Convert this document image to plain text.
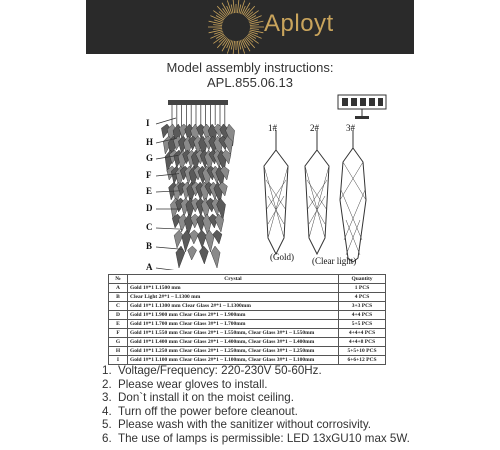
Aployt
Model assembly instructions:
APL.855.06.13
I
H
G
F
E
D
C
B
A
1#	2#	3#
(Gold) (Clear light)
№	Crystal	Quantity
A	Gold 1#*1 L1500 mm	1 PCS
B	Clear Light 2#*1 – L1300 mm	4 PCS
C	Gold 1#*1 L1300 mm Clear Glass 2#*1 – L1300mm	3+3 PCS
D	Gold 1#*1 L900 mm Clear Glass 2#*1 – L900mm	4+4 PCS
E	Gold 1#*1 L700 mm Clear Glass 3#*1 – L700mm	5+5 PCS
F	Gold 1#*1 L550 mm Clear Glass 2#*1 – L550mm, Clear Glass 3#*1 – L550mm	4+4+4 PCS
G	Gold 1#*1 L400 mm Clear Glass 2#*1 – L400mm, Clear Glass 3#*1 – L400mm	4+4+8 PCS
H	Gold 1#*1 L250 mm Clear Glass 2#*1 – L250mm, Clear Glass 3#*1 – L250mm	5+5+10 PCS
I	Gold 1#*1 L100 mm Clear Glass 2#*1 – L100mm, Clear Glass 3#*1 – L100mm	6+6+12 PCS
1. Voltage/Frequency: 220-230V 50-60Hz.
2. Please wear gloves to install.
3. Don`t install it on the moist ceiling.
4. Turn off the power before cleanout.
5. Please wash with the sanitizer without corrosivity.
6. The use of lamps is permissible: LED 13xGU10 max 5W.
